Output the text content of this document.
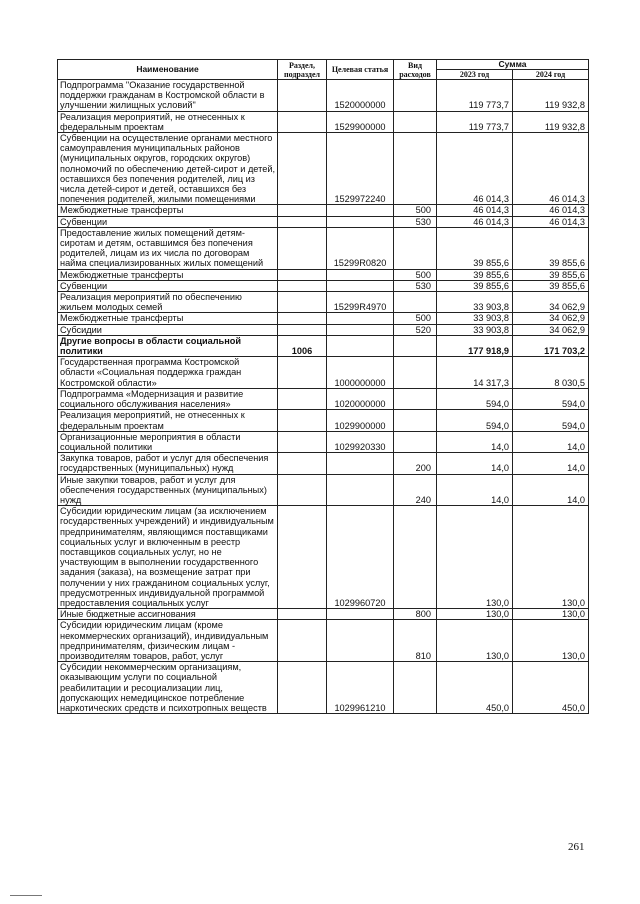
Наименование	Раздел, подраздел	Целевая статья	Вид расходов	Сумма	
				2023 год	2024 год
Подпрограмма "Оказание государственной поддержки гражданам в Костромской области в улучшении жилищных условий"		1520000000		119 773,7	119 932,8
Реализация мероприятий, не отнесенных к федеральным проектам		1529900000		119 773,7	119 932,8
Субвенции на осуществление органами местного самоуправления муниципальных районов (муниципальных округов, городских округов) полномочий по обеспечению детей-сирот и детей, оставшихся без попечения родителей, лиц из числа детей-сирот и детей, оставшихся без попечения родителей, жилыми помещениями		1529972240		46 014,3	46 014,3
Межбюджетные трансферты			500	46 014,3	46 014,3
Субвенции			530	46 014,3	46 014,3
Предоставление жилых помещений детям-сиротам и детям, оставшимся без попечения родителей, лицам из их числа по договорам найма специализированных жилых помещений		15299R0820		39 855,6	39 855,6
Межбюджетные трансферты			500	39 855,6	39 855,6
Субвенции			530	39 855,6	39 855,6
Реализация мероприятий по обеспечению жильем молодых семей		15299R4970		33 903,8	34 062,9
Межбюджетные трансферты			500	33 903,8	34 062,9
Субсидии			520	33 903,8	34 062,9
Другие вопросы в области социальной политики	1006			177 918,9	171 703,2
Государственная программа Костромской области «Социальная поддержка граждан Костромской области»		1000000000		14 317,3	8 030,5
Подпрограмма «Модернизация и развитие социального обслуживания населения»		1020000000		594,0	594,0
Реализация мероприятий, не отнесенных к федеральным проектам		1029900000		594,0	594,0
Организационные мероприятия в области социальной политики		1029920330		14,0	14,0
Закупка товаров, работ и услуг для обеспечения государственных (муниципальных) нужд			200	14,0	14,0
Иные закупки товаров, работ и услуг для обеспечения государственных (муниципальных) нужд			240	14,0	14,0
Субсидии юридическим лицам (за исключением государственных учреждений) и индивидуальным предпринимателям, являющимся поставщиками социальных услуг и включенным в реестр поставщиков социальных услуг, но не участвующим в выполнении государственного задания (заказа), на возмещение затрат при получении у них гражданином социальных услуг, предусмотренных индивидуальной программой предоставления социальных услуг		1029960720		130,0	130,0
Иные бюджетные ассигнования			800	130,0	130,0
Субсидии юридическим лицам (кроме некоммерческих организаций), индивидуальным предпринимателям, физическим лицам - производителям товаров, работ, услуг			810	130,0	130,0
Субсидии некоммерческим организациям, оказывающим услуги по социальной реабилитации и ресоциализации лиц, допускающих немедицинское потребление наркотических средств и психотропных веществ		1029961210		450,0	450,0
261
